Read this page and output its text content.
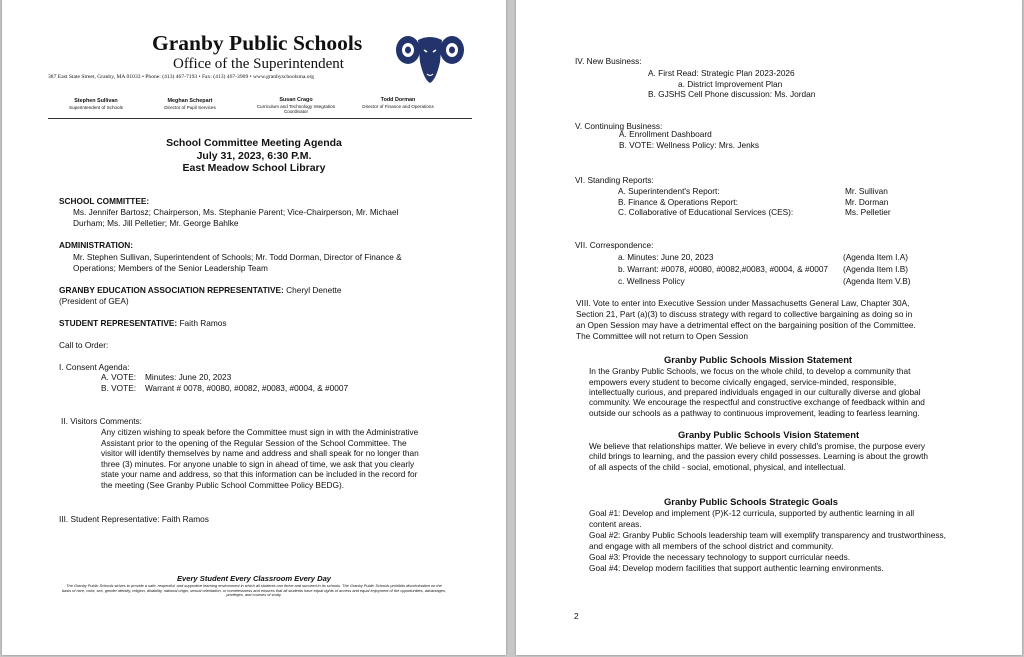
Granby Public Schools
Office of the Superintendent
387 East State Street, Granby, MA 01033 • Phone: (413) 467-7193 • Fax: (413) 467-3909 • www.granbyschoolsma.org
Stephen Sullivan
Superintendent of Schools
Meghan Schepart
Director of Pupil Services
Susan Crago
Curriculum and Technology Integration Coordinator
Todd Dorman
Director of Finance and Operations
School Committee Meeting Agenda
July 31, 2023, 6:30 P.M.
East Meadow School Library
SCHOOL COMMITTEE:
Ms. Jennifer Bartosz; Chairperson, Ms. Stephanie Parent; Vice-Chairperson, Mr. Michael Durham; Ms. Jill Pelletier; Mr. George Bahlke
ADMINISTRATION:
Mr. Stephen Sullivan, Superintendent of Schools; Mr. Todd Dorman, Director of Finance & Operations; Members of the Senior Leadership Team
GRANBY EDUCATION ASSOCIATION REPRESENTATIVE: Cheryl Denette
(President of GEA)
STUDENT REPRESENTATIVE: Faith Ramos
Call to Order:
I. Consent Agenda:
A. VOTE: Minutes: June 20, 2023
B. VOTE: Warrant # 0078, #0080, #0082, #0083, #0004, & #0007
II. Visitors Comments:
Any citizen wishing to speak before the Committee must sign in with the Administrative Assistant prior to the opening of the Regular Session of the School Committee. The visitor will identify themselves by name and address and shall speak for no longer than three (3) minutes. For anyone unable to sign in ahead of time, we ask that you clearly state your name and address, so that this information can be included in the record for the meeting (See Granby Public School Committee Policy BEDG).
III. Student Representative: Faith Ramos
Every Student Every Classroom Every Day
The Granby Public Schools strives to provide a safe, respectful, and supportive learning environment in which all students can thrive and succeed in its schools. The Granby Public Schools prohibits discrimination on the basis of race, color, sex, gender identity, religion, disability, national origin, sexual orientation, or homelessness and ensures that all students have equal rights of access and equal enjoyment of the opportunities, advantages, privileges, and courses of study.
IV. New Business:
A. First Read: Strategic Plan 2023-2026
a. District Improvement Plan
B. GJSHS Cell Phone discussion: Ms. Jordan
V. Continuing Business:
A. Enrollment Dashboard
B. VOTE: Wellness Policy: Mrs. Jenks
VI. Standing Reports:
A. Superintendent's Report:	Mr. Sullivan
B. Finance & Operations Report:	Mr. Dorman
C. Collaborative of Educational Services (CES):	Ms. Pelletier
VII. Correspondence:
a. Minutes: June 20, 2023	(Agenda Item I.A)
b. Warrant: #0078, #0080, #0082,#0083, #0004, & #0007 (Agenda Item I.B)
c. Wellness Policy	(Agenda Item V.B)
VIII. Vote to enter into Executive Session under Massachusetts General Law, Chapter 30A,
Section 21, Part (a)(3) to discuss strategy with regard to collective bargaining as doing so in
an Open Session may have a detrimental effect on the bargaining position of the Committee.
The Committee will not return to Open Session
Granby Public Schools Mission Statement
In the Granby Public Schools, we focus on the whole child, to develop a community that
empowers every student to become civically engaged, service-minded, responsible,
intellectually curious, and prepared individuals engaged in our culturally diverse and global
community. We encourage the respectful and constructive exchange of feedback within and
outside our schools as a pathway to continuous improvement, leading to fearless learning.
Granby Public Schools Vision Statement
We believe that relationships matter. We believe in every child's promise, the purpose every
child brings to learning, and the passion every child possesses. Learning is about the growth
of all aspects of the child - social, emotional, physical, and intellectual.
Granby Public Schools Strategic Goals
Goal #1: Develop and implement (P)K-12 curricula, supported by authentic learning in all
content areas.
Goal #2: Granby Public Schools leadership team will exemplify transparency and trustworthiness,
and engage with all members of the school district and community.
Goal #3: Provide the necessary technology to support curricular needs.
Goal #4: Develop modern facilities that support authentic learning environments.
2
